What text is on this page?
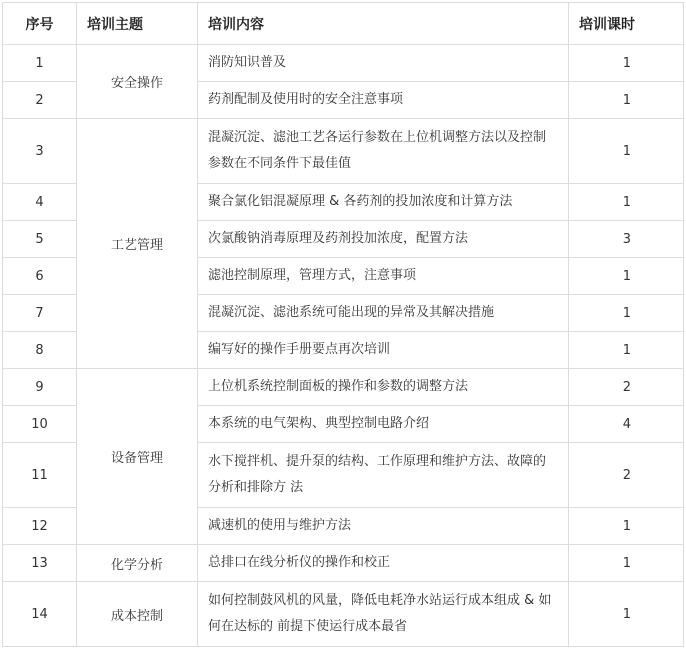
序号	培训主题	培训内容	培训课时
1	安全操作	消防知识普及	1
2		药剂配制及使用时的安全注意事项	1
3	工艺管理	混凝沉淀、滤池工艺各运行参数在上位机调整方法以及控制参数在不同条件下最佳值	1
4		聚合氯化铝混凝原理 & 各药剂的投加浓度和计算方法	1
5		次氯酸钠消毒原理及药剂投加浓度，配置方法	3
6		滤池控制原理，管理方式，注意事项	1
7		混凝沉淀、滤池系统可能出现的异常及其解决措施	1
8		编写好的操作手册要点再次培训	1
9	设备管理	上位机系统控制面板的操作和参数的调整方法	2
10		本系统的电气架构、典型控制电路介绍	4
11		水下搅拌机、提升泵的结构、工作原理和维护方法、故障的分析和排除方 法	2
12		减速机的使用与维护方法	1
13	化学分析	总排口在线分析仪的操作和校正	1
14	成本控制	如何控制鼓风机的风量，降低电耗净水站运行成本组成 & 如何在达标的 前提下使运行成本最省	1
